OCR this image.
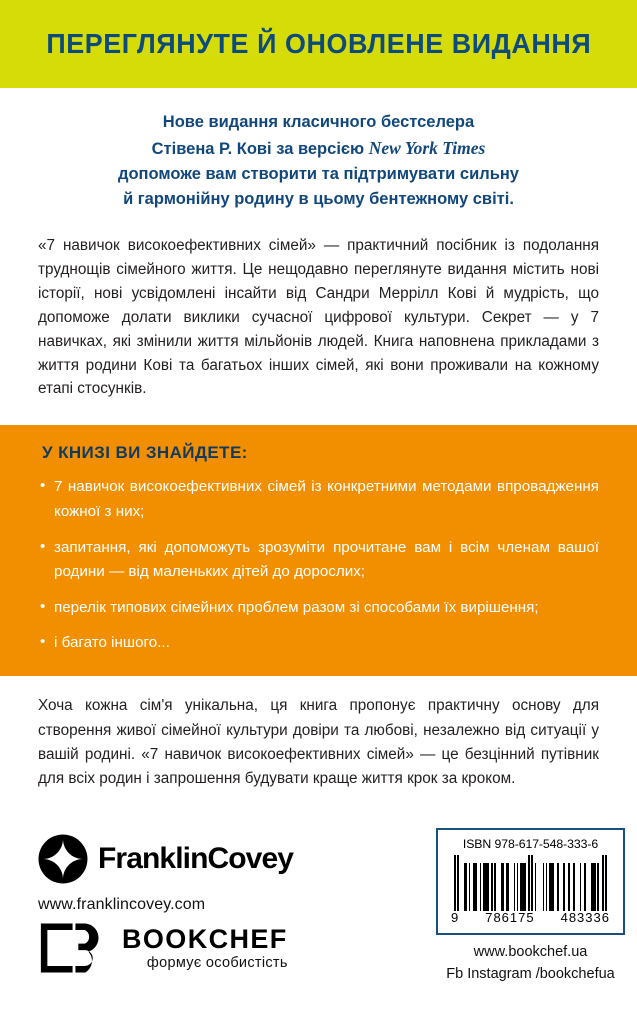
ПЕРЕГЛЯНУТЕ Й ОНОВЛЕНЕ ВИДАННЯ
Нове видання класичного бестселера
Стівена Р. Кові за версією New York Times
допоможе вам створити та підтримувати сильну
й гармонійну родину в цьому бентежному світі.
«7 навичок високоефективних сімей» — практичний посібник із подолання труднощів сімейного життя. Це нещодавно переглянуте видання містить нові історії, нові усвідомлені інсайти від Сандри Меррілл Кові й мудрість, що допоможе долати виклики сучасної цифрової культури. Секрет — у 7 навичках, які змінили життя мільйонів людей. Книга наповнена прикладами з життя родини Кові та багатьох інших сімей, які вони проживали на кожному етапі стосунків.
У КНИЗІ ВИ ЗНАЙДЕТЕ:
• 7 навичок високоефективних сімей із конкретними методами впровадження кожної з них;
• запитання, які допоможуть зрозуміти прочитане вам і всім членам вашої родини — від маленьких дітей до дорослих;
• перелік типових сімейних проблем разом зі способами їх вирішення;
• і багато іншого...
Хоча кожна сім'я унікальна, ця книга пропонує практичну основу для створення живої сімейної культури довіри та любові, незалежно від ситуації у вашій родині. «7 навичок високоефективних сімей» — це безцінний путівник для всіх родин і запрошення будувати краще життя крок за кроком.
FranklinCovey
www.franklincovey.com
BOOKCHEF
формує особистість
ISBN 978-617-548-333-6
9 786175 483336
www.bookchef.ua
Fb Instagram /bookchefua
